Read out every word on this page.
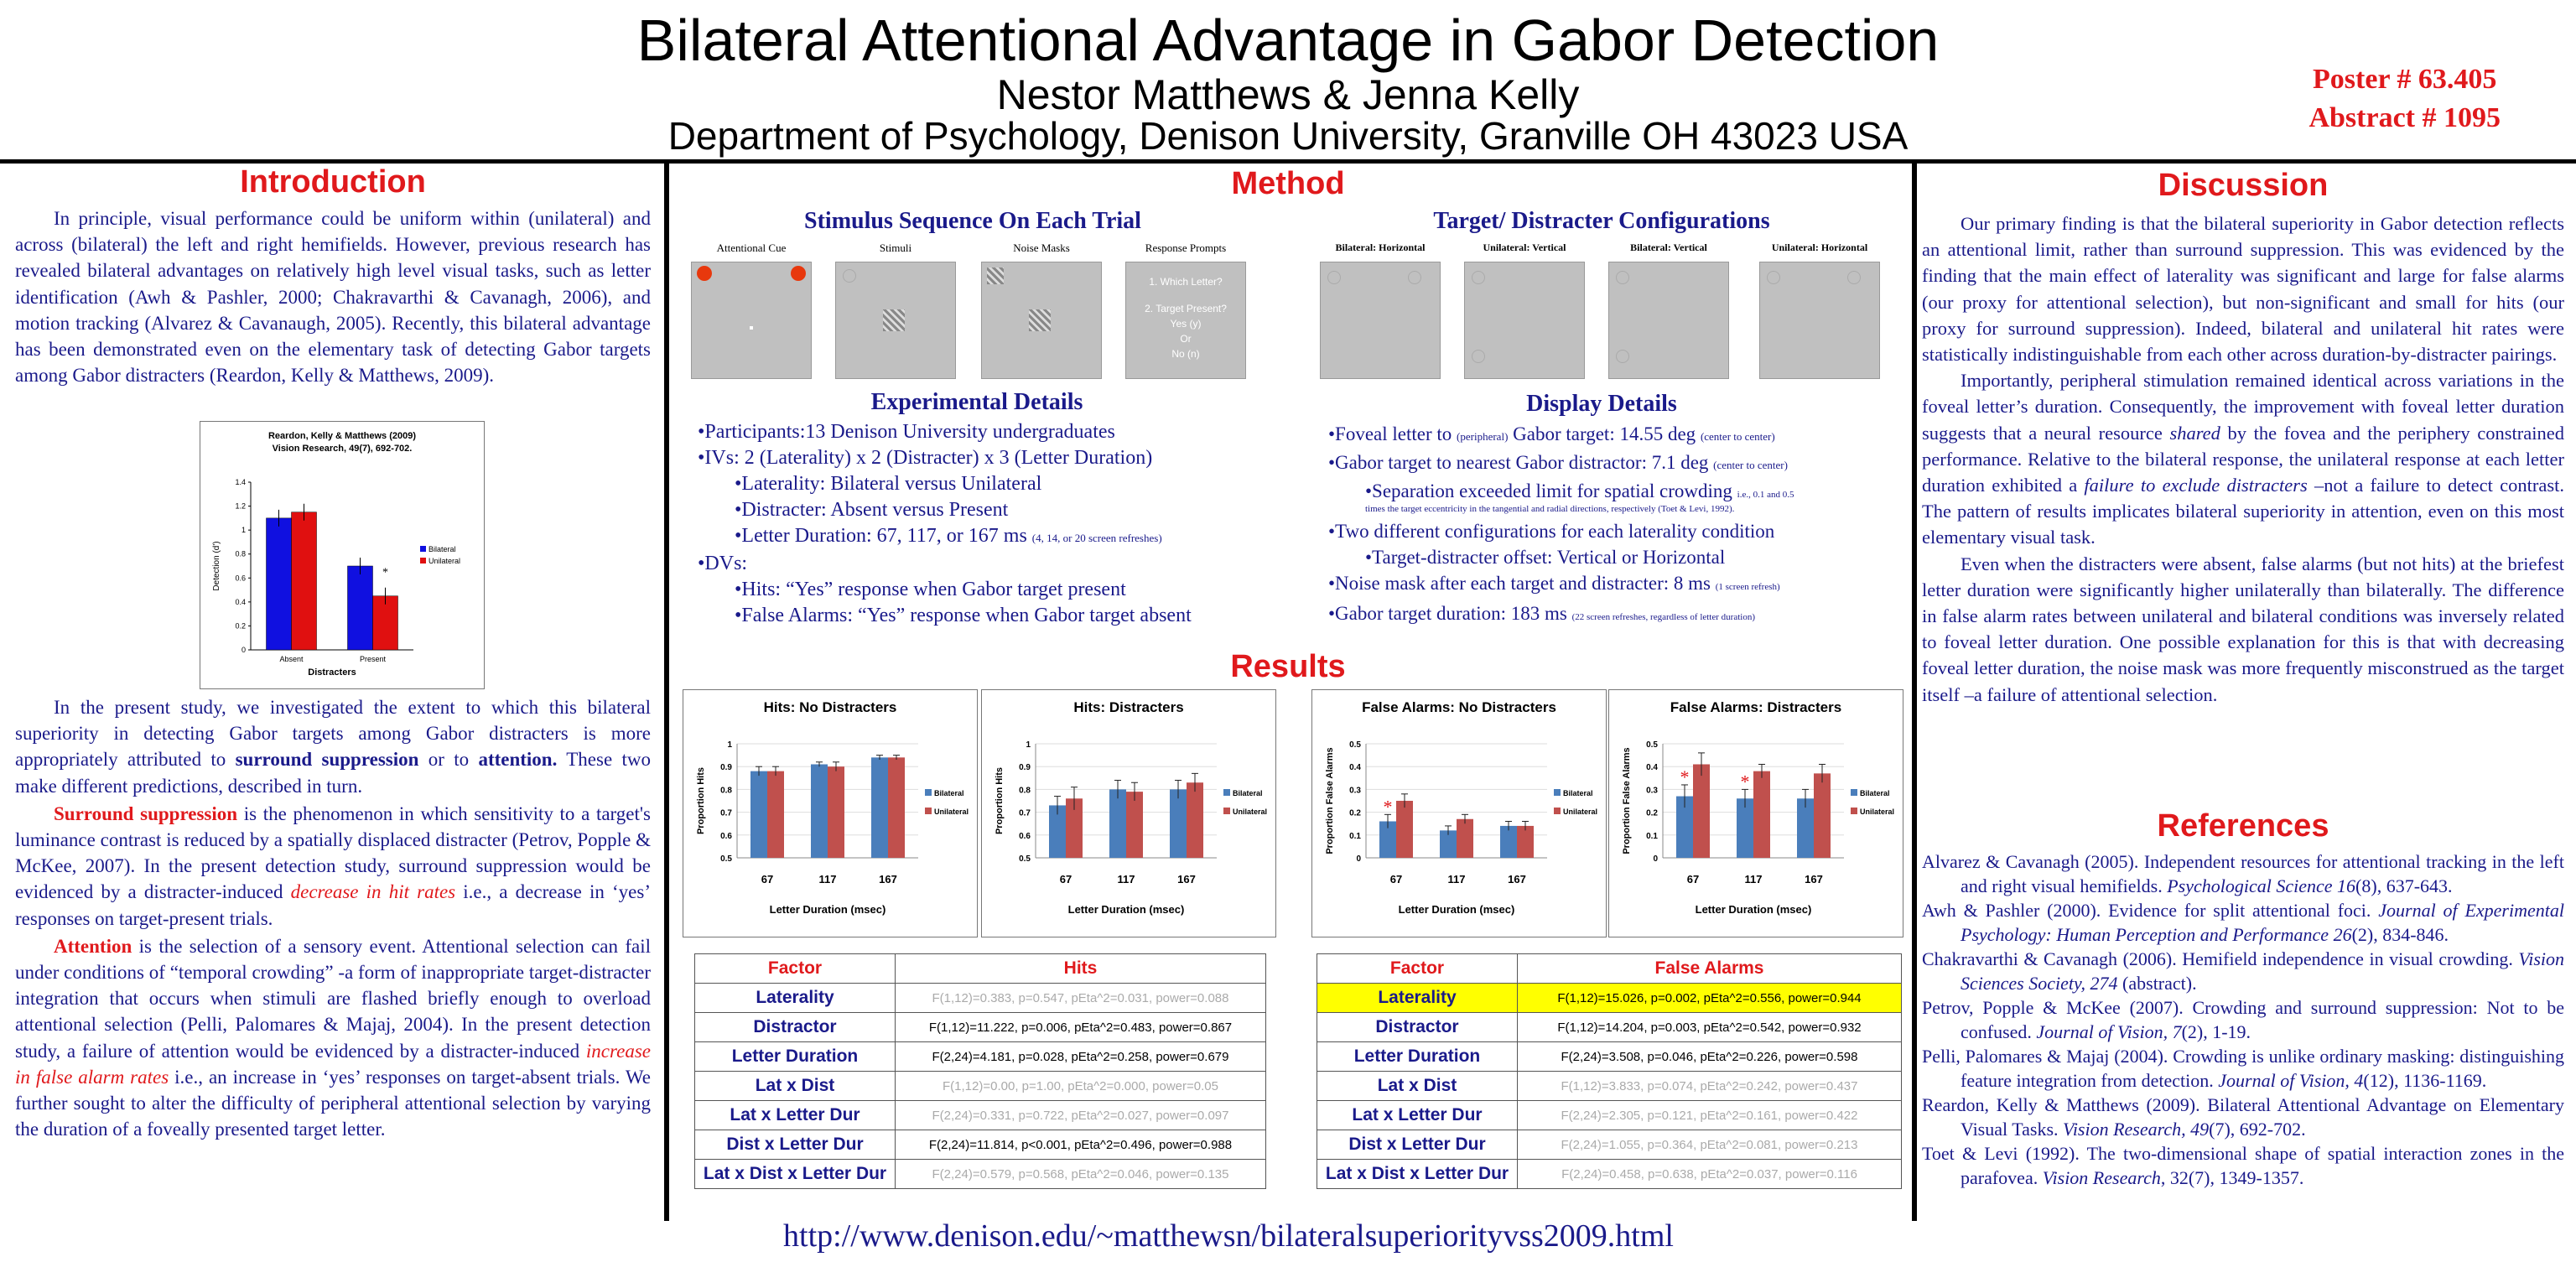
Bilateral Attentional Advantage in Gabor Detection
Nestor Matthews & Jenna Kelly
Department of Psychology, Denison University, Granville OH 43023 USA
Poster # 63.405
Abstract # 1095
Introduction

In principle, visual performance could be uniform within (unilateral) and across (bilateral) the left and right hemifields. However, previous research has revealed bilateral advantages on relatively high level visual tasks, such as letter identification (Awh & Pashler, 2000; Chakravarthi & Cavanagh, 2006), and motion tracking (Alvarez & Cavanaugh, 2005). Recently, this bilateral advantage has been demonstrated even on the elementary task of detecting Gabor targets among Gabor distracters (Reardon, Kelly & Matthews, 2009).

Reardon, Kelly & Matthews (2009)
Vision Research, 49(7), 692-702.
0
0.2
0.4
0.6
0.8
1
1.2
1.4
Absent	Present
*
Distracters
Detection (d')	Bilateral
Unilateral

In the present study, we investigated the extent to which this bilateral superiority in detecting Gabor targets among Gabor distracters is more appropriately attributed to surround suppression or to attention. These two make different predictions, described in turn.

Surround suppression is the phenomenon in which sensitivity to a target's luminance contrast is reduced by a spatially displaced distracter (Petrov, Popple & McKee, 2007). In the present detection study, surround suppression would be evidenced by a distracter-induced decrease in hit rates i.e., a decrease in ‘yes’ responses on target-present trials.

Attention is the selection of a sensory event. Attentional selection can fail under conditions of “temporal crowding” -a form of inappropriate target-distracter integration that occurs when stimuli are flashed briefly enough to overload attentional selection (Pelli, Palomares & Majaj, 2004). In the present detection study, a failure of attention would be evidenced by a distracter-induced increase in false alarm rates i.e., an increase in ‘yes’ responses on target-absent trials. We further sought to alter the difficulty of peripheral attentional selection by varying the duration of a foveally presented target letter.

Method
Stimulus Sequence On Each Trial	Target/ Distracter Configurations
Attentional Cue	Stimuli	Noise Masks	Response Prompts
1. Which Letter?
2. Target Present?
Yes (y)
Or
No (n)
Bilateral: Horizontal	Unilateral: Vertical	Bilateral: Vertical	Unilateral: Horizontal
Experimental Details
•Participants:13 Denison University undergraduates
•IVs: 2 (Laterality) x 2 (Distracter) x 3 (Letter Duration)
•Laterality: Bilateral versus Unilateral
•Distracter: Absent versus Present
•Letter Duration: 67, 117, or 167 ms (4, 14, or 20 screen refreshes)
•DVs:
•Hits: “Yes” response when Gabor target present
•False Alarms: “Yes” response when Gabor target absent
Display Details
•Foveal letter to (peripheral) Gabor target: 14.55 deg (center to center)
•Gabor target to nearest Gabor distractor: 7.1 deg (center to center)
•Separation exceeded limit for spatial crowding i.e., 0.1 and 0.5
times the target eccentricity in the tangential and radial directions, respectively (Toet & Levi, 1992).
•Two different configurations for each laterality condition
•Target-distracter offset: Vertical or Horizontal
•Noise mask after each target and distracter: 8 ms (1 screen refresh)
•Gabor target duration: 183 ms (22 screen refreshes, regardless of letter duration)
Results
Hits: No Distracters
0.5
0.6
0.7
0.8
0.9
1
67	117	167
Letter Duration (msec)
Proportion Hits	Bilateral
Unilateral
Hits: Distracters
0.5
0.6
0.7
0.8
0.9
1
67	117	167
Letter Duration (msec)
Proportion Hits	Bilateral
Unilateral
False Alarms: No Distracters
0
0.1
0.2
0.3
0.4
0.5
*
67	117	167
Letter Duration (msec)
Proportion False Alarms	Bilateral
Unilateral
False Alarms: Distracters
0
0.1
0.2
0.3
0.4
0.5
*
67
*
117	167
Letter Duration (msec)
Proportion False Alarms	Bilateral
Unilateral
Factor	Hits
Laterality	F(1,12)=0.383, p=0.547, pEta^2=0.031, power=0.088
Distractor	F(1,12)=11.222, p=0.006, pEta^2=0.483, power=0.867
Letter Duration	F(2,24)=4.181, p=0.028, pEta^2=0.258, power=0.679
Lat x Dist	F(1,12)=0.00, p=1.00, pEta^2=0.000, power=0.05
Lat x Letter Dur	F(2,24)=0.331, p=0.722, pEta^2=0.027, power=0.097
Dist x Letter Dur	F(2,24)=11.814, p<0.001, pEta^2=0.496, power=0.988
Lat x Dist x Letter Dur	F(2,24)=0.579, p=0.568, pEta^2=0.046, power=0.135
Factor	False Alarms
Laterality	F(1,12)=15.026, p=0.002, pEta^2=0.556, power=0.944
Distractor	F(1,12)=14.204, p=0.003, pEta^2=0.542, power=0.932
Letter Duration	F(2,24)=3.508, p=0.046, pEta^2=0.226, power=0.598
Lat x Dist	F(1,12)=3.833, p=0.074, pEta^2=0.242, power=0.437
Lat x Letter Dur	F(2,24)=2.305, p=0.121, pEta^2=0.161, power=0.422
Dist x Letter Dur	F(2,24)=1.055, p=0.364, pEta^2=0.081, power=0.213
Lat x Dist x Letter Dur	F(2,24)=0.458, p=0.638, pEta^2=0.037, power=0.116
Discussion

Our primary finding is that the bilateral superiority in Gabor detection reflects an attentional limit, rather than surround suppression. This was evidenced by the finding that the main effect of laterality was significant and large for false alarms (our proxy for attentional selection), but non-significant and small for hits (our proxy for surround suppression). Indeed, bilateral and unilateral hit rates were statistically indistinguishable from each other across duration-by-distracter pairings.

Importantly, peripheral stimulation remained identical across variations in the foveal letter’s duration. Consequently, the improvement with foveal letter duration suggests that a neural resource shared by the fovea and the periphery constrained performance. Relative to the bilateral response, the unilateral response at each letter duration exhibited a failure to exclude distracters –not a failure to detect contrast. The pattern of results implicates bilateral superiority in attention, even on this most elementary visual task.

Even when the distracters were absent, false alarms (but not hits) at the briefest letter duration were significantly higher unilaterally than bilaterally. The difference in false alarm rates between unilateral and bilateral conditions was inversely related to foveal letter duration. One possible explanation for this is that with decreasing foveal letter duration, the noise mask was more frequently misconstrued as the target itself –a failure of attentional selection.

References
Alvarez & Cavanagh (2005). Independent resources for attentional tracking in the left and right visual hemifields. Psychological Science 16(8), 637-643.
Awh & Pashler (2000). Evidence for split attentional foci. Journal of Experimental Psychology: Human Perception and Performance 26(2), 834-846.
Chakravarthi & Cavanagh (2006). Hemifield independence in visual crowding. Vision Sciences Society, 274 (abstract).
Petrov, Popple & McKee (2007). Crowding and surround suppression: Not to be confused. Journal of Vision, 7(2), 1-19.
Pelli, Palomares & Majaj (2004). Crowding is unlike ordinary masking: distinguishing feature integration from detection. Journal of Vision, 4(12), 1136-1169.
Reardon, Kelly & Matthews (2009). Bilateral Attentional Advantage on Elementary Visual Tasks. Vision Research, 49(7), 692-702.
Toet & Levi (1992). The two-dimensional shape of spatial interaction zones in the parafovea. Vision Research, 32(7), 1349-1357.
http://www.denison.edu/~matthewsn/bilateralsuperiorityvss2009.html
